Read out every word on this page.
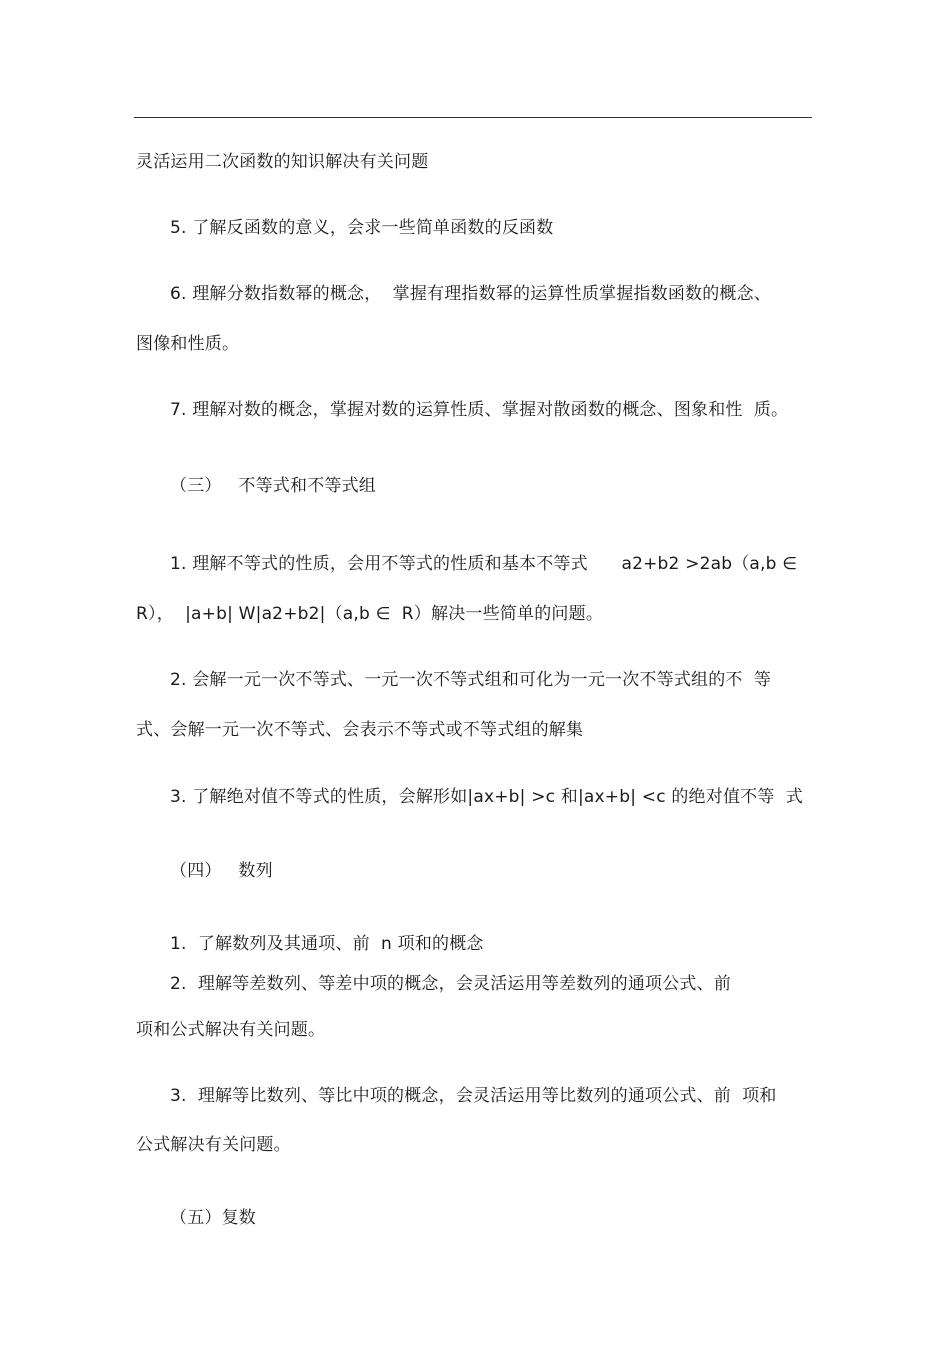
灵活运用二次函数的知识解决有关问题
5. 了解反函数的意义，会求一些简单函数的反函数
6. 理解分数指数幂的概念，  掌握有理指数幂的运算性质掌握指数函数的概念、
图像和性质。
7. 理解对数的概念，掌握对数的运算性质、掌握对散函数的概念、图象和性  质。
（三）   不等式和不等式组
1. 理解不等式的性质，会用不等式的性质和基本不等式      a2+b2 >2ab（a,b ∈
R），  |a+b| W|a2+b2|（a,b ∈  R）解决一些简单的问题。
2. 会解一元一次不等式、一元一次不等式组和可化为一元一次不等式组的不  等
式、会解一元一次不等式、会表示不等式或不等式组的解集
3. 了解绝对值不等式的性质，会解形如|ax+b| >c 和|ax+b| <c 的绝对值不等  式
（四）   数列
1.  了解数列及其通项、前  n 项和的概念
2.  理解等差数列、等差中项的概念，会灵活运用等差数列的通项公式、前
项和公式解决有关问题。
3.  理解等比数列、等比中项的概念，会灵活运用等比数列的通项公式、前  项和
公式解决有关问题。
（五）复数
